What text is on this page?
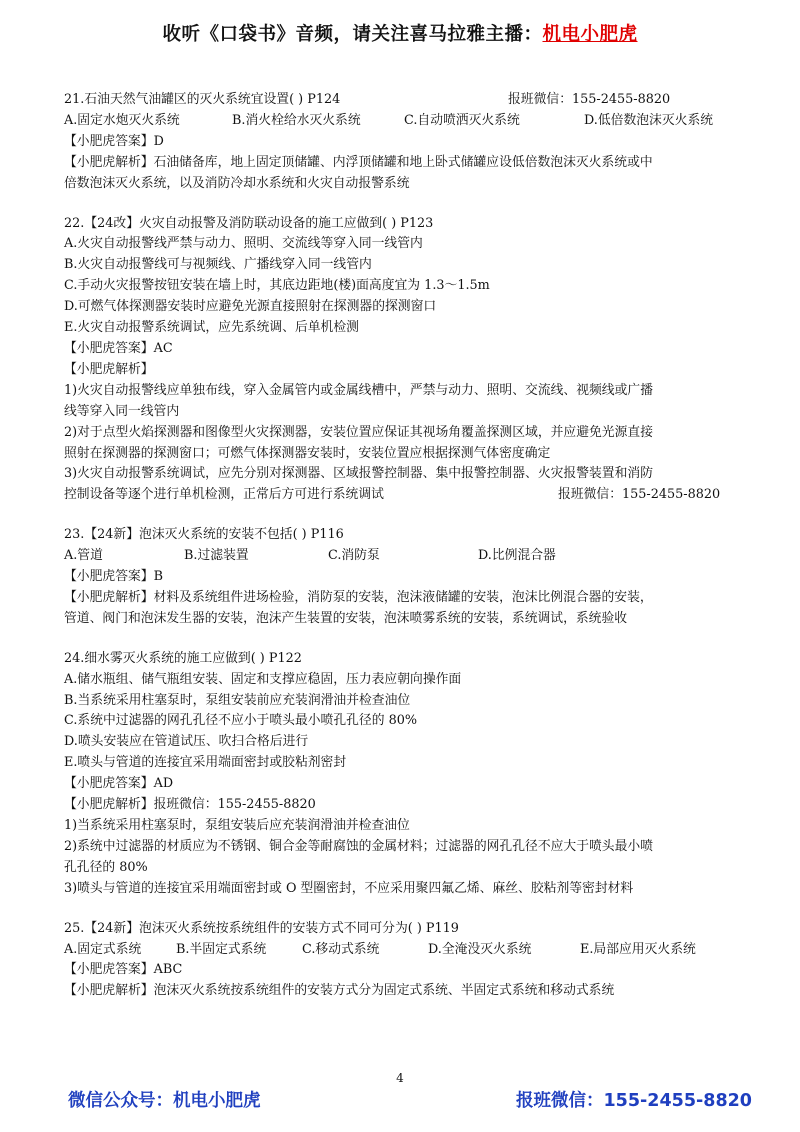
收听《口袋书》音频，请关注喜马拉雅主播：机电小肥虎
21.石油天然气油罐区的灭火系统宜设置( ) P124	报班微信：155-2455-8820
A.固定水炮灭火系统	B.消火栓给水灭火系统	C.自动喷洒灭火系统	D.低倍数泡沫灭火系统
【小肥虎答案】D
【小肥虎解析】石油储备库，地上固定顶储罐、内浮顶储罐和地上卧式储罐应设低倍数泡沫灭火系统或中
倍数泡沫灭火系统，以及消防冷却水系统和火灾自动报警系统
22.【24改】火灾自动报警及消防联动设备的施工应做到( ) P123
A.火灾自动报警线严禁与动力、照明、交流线等穿入同一线管内
B.火灾自动报警线可与视频线、广播线穿入同一线管内
C.手动火灾报警按钮安装在墙上时，其底边距地(楼)面高度宜为 1.3～1.5m
D.可燃气体探测器安装时应避免光源直接照射在探测器的探测窗口
E.火灾自动报警系统调试，应先系统调、后单机检测
【小肥虎答案】AC
【小肥虎解析】
1)火灾自动报警线应单独布线，穿入金属管内或金属线槽中，严禁与动力、照明、交流线、视频线或广播
线等穿入同一线管内
2)对于点型火焰探测器和图像型火灾探测器，安装位置应保证其视场角覆盖探测区域，并应避免光源直接
照射在探测器的探测窗口；可燃气体探测器安装时，安装位置应根据探测气体密度确定
3)火灾自动报警系统调试，应先分别对探测器、区域报警控制器、集中报警控制器、火灾报警装置和消防
控制设备等逐个进行单机检测，正常后方可进行系统调试	报班微信：155-2455-8820
23.【24新】泡沫灭火系统的安装不包括( ) P116
A.管道	B.过滤装置	C.消防泵	D.比例混合器
【小肥虎答案】B
【小肥虎解析】材料及系统组件进场检验，消防泵的安装，泡沫液储罐的安装，泡沫比例混合器的安装，
管道、阀门和泡沫发生器的安装，泡沫产生装置的安装，泡沫喷雾系统的安装，系统调试，系统验收
24.细水雾灭火系统的施工应做到( ) P122
A.储水瓶组、储气瓶组安装、固定和支撑应稳固，压力表应朝向操作面
B.当系统采用柱塞泵时，泵组安装前应充装润滑油并检查油位
C.系统中过滤器的网孔孔径不应小于喷头最小喷孔孔径的 80%
D.喷头安装应在管道试压、吹扫合格后进行
E.喷头与管道的连接宜采用端面密封或胶粘剂密封
【小肥虎答案】AD
【小肥虎解析】报班微信：155-2455-8820
1)当系统采用柱塞泵时，泵组安装后应充装润滑油并检查油位
2)系统中过滤器的材质应为不锈钢、铜合金等耐腐蚀的金属材料；过滤器的网孔孔径不应大于喷头最小喷
孔孔径的 80%
3)喷头与管道的连接宜采用端面密封或 O 型圈密封，不应采用聚四氟乙烯、麻丝、胶粘剂等密封材料
25.【24新】泡沫灭火系统按系统组件的安装方式不同可分为( ) P119
A.固定式系统	B.半固定式系统	C.移动式系统	D.全淹没灭火系统	E.局部应用灭火系统
【小肥虎答案】ABC
【小肥虎解析】泡沫灭火系统按系统组件的安装方式分为固定式系统、半固定式系统和移动式系统
4
微信公众号：机电小肥虎	报班微信：155-2455-8820
